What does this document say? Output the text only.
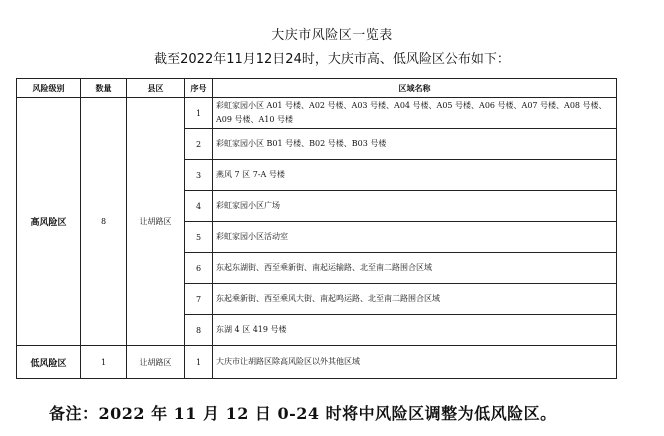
大庆市风险区一览表
截至2022年11月12日24时，大庆市高、低风险区公布如下：
风险级别	数量	县区	序号	区域名称
高风险区	8	让胡路区	1	彩虹家园小区 A01 号楼、A02 号楼、A03 号楼、A04 号楼、A05 号楼、A06 号楼、A07 号楼、A08 号楼、A09 号楼、A10 号楼
			2	彩虹家园小区 B01 号楼、B02 号楼、B03 号楼
			3	燕风 7 区 7-A 号楼
			4	彩虹家园小区广场
			5	彩虹家园小区活动室
			6	东起东湖街、西至乘新街、南起运输路、北至南二路围合区域
			7	东起乘新街、西至乘风大街、南起鸣运路、北至南二路围合区域
			8	东湖 4 区 419 号楼
低风险区	1	让胡路区	1	大庆市让胡路区除高风险区以外其他区域
备注：2022 年 11 月 12 日 0-24 时将中风险区调整为低风险区。
